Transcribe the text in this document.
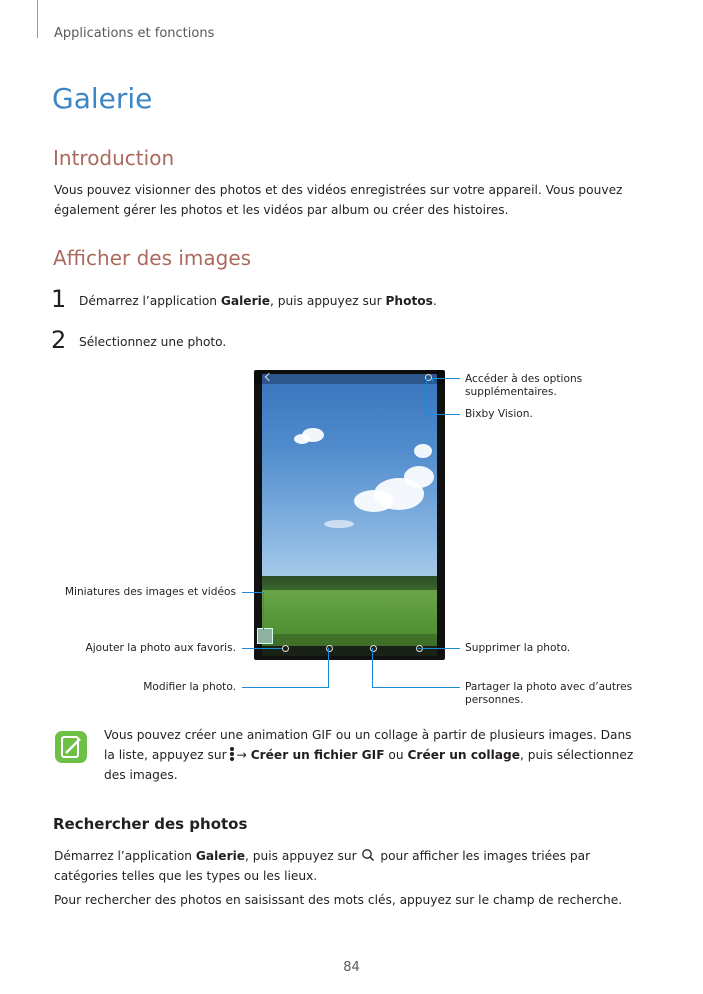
Applications et fonctions
Galerie
Introduction
Vous pouvez visionner des photos et des vidéos enregistrées sur votre appareil. Vous pouvez également gérer les photos et les vidéos par album ou créer des histoires.
Afficher des images
1 Démarrez l’application Galerie, puis appuyez sur Photos.
2 Sélectionnez une photo.
Accéder à des options supplémentaires.
Bixby Vision.
Miniatures des images et vidéos
Ajouter la photo aux favoris.	Supprimer la photo.
Modifier la photo.	Partager la photo avec d’autres personnes.
Vous pouvez créer une animation GIF ou un collage à partir de plusieurs images. Dans la liste, appuyez sur → Créer un fichier GIF ou Créer un collage, puis sélectionnez des images.
Rechercher des photos
Démarrez l’application Galerie, puis appuyez sur pour afficher les images triées par catégories telles que les types ou les lieux.
Pour rechercher des photos en saisissant des mots clés, appuyez sur le champ de recherche.
84
